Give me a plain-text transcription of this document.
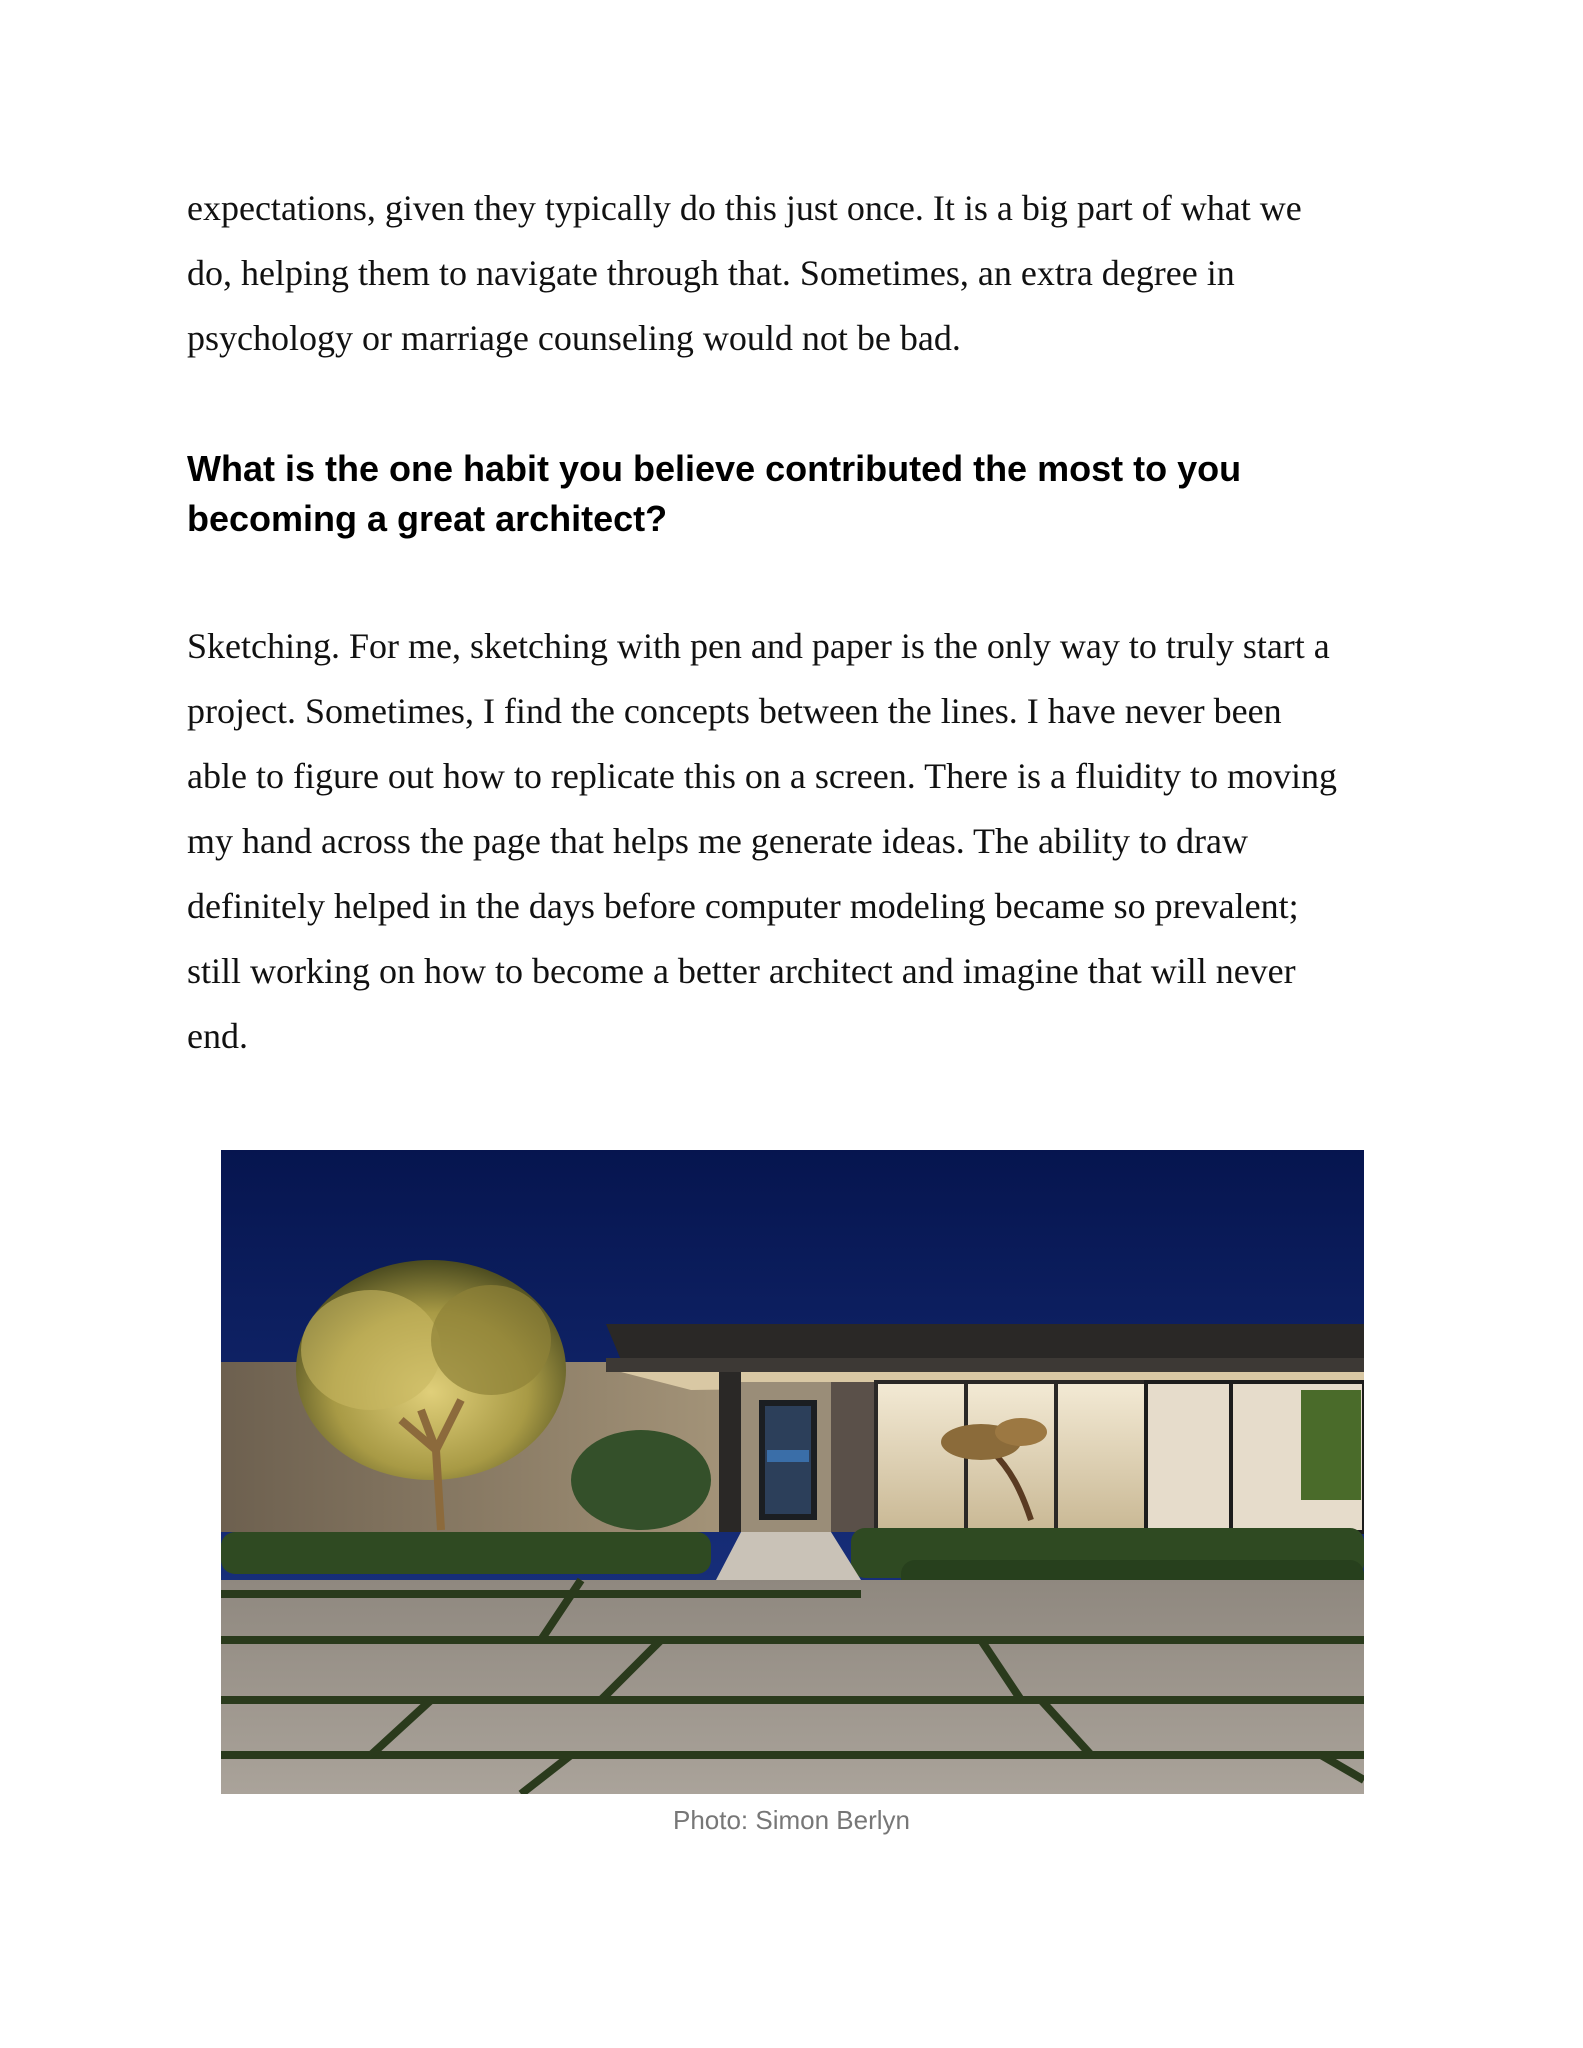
expectations, given they typically do this just once. It is a big part of what we
do, helping them to navigate through that. Sometimes, an extra degree in
psychology or marriage counseling would not be bad.

What is the one habit you believe contributed the most to you
becoming a great architect?

Sketching. For me, sketching with pen and paper is the only way to truly start a
project. Sometimes, I find the concepts between the lines. I have never been
able to figure out how to replicate this on a screen. There is a fluidity to moving
my hand across the page that helps me generate ideas. The ability to draw
definitely helped in the days before computer modeling became so prevalent;
still working on how to become a better architect and imagine that will never
end.

Photo: Simon Berlyn
